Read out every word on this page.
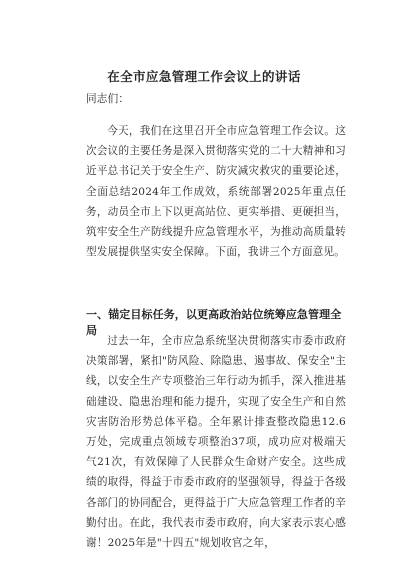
在全市应急管理工作会议上的讲话

同志们：

今天，我们在这里召开全市应急管理工作会议。这次会议的主要任务是深入贯彻落实党的二十大精神和习近平总书记关于安全生产、防灾减灾救灾的重要论述，全面总结2024年工作成效，系统部署2025年重点任务，动员全市上下以更高站位、更实举措、更硬担当，筑牢安全生产防线提升应急管理水平，为推动高质量转型发展提供坚实安全保障。下面，我讲三个方面意见。

一、锚定目标任务，以更高政治站位统筹应急管理全局

过去一年，全市应急系统坚决贯彻落实市委市政府决策部署，紧扣"防风险、除隐患、遏事故、保安全"主线，以安全生产专项整治三年行动为抓手，深入推进基础建设、隐患治理和能力提升，实现了安全生产和自然灾害防治形势总体平稳。全年累计排查整改隐患12.6万处，完成重点领域专项整治37项，成功应对极端天气21次，有效保障了人民群众生命财产安全。这些成绩的取得，得益于市委市政府的坚强领导，得益于各级各部门的协同配合，更得益于广大应急管理工作者的辛勤付出。在此，我代表市委市政府，向大家表示衷心感谢！2025年是"十四五"规划收官之年，
